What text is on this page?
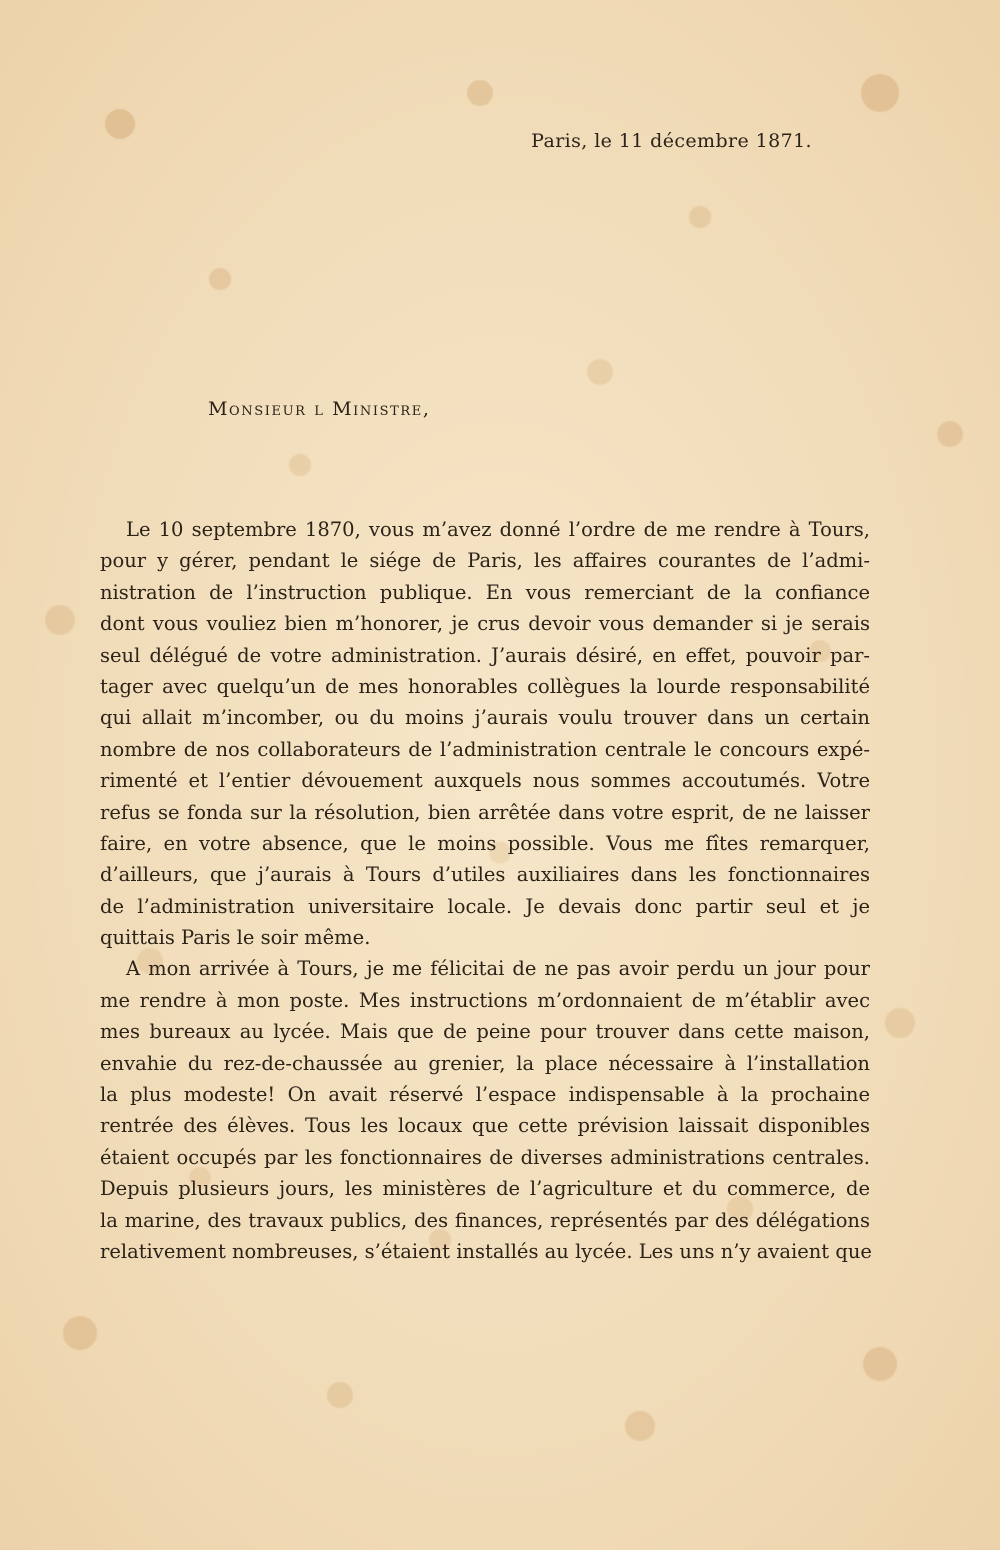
Paris, le 11 décembre 1871.
Monsieur l Ministre,
Le 10 septembre 1870, vous m’avez donné l’ordre de me rendre à Tours,
pour y gérer, pendant le siége de Paris, les affaires courantes de l’admi-
nistration de l’instruction publique. En vous remerciant de la confiance
dont vous vouliez bien m’honorer, je crus devoir vous demander si je serais
seul délégué de votre administration. J’aurais désiré, en effet, pouvoir par-
tager avec quelqu’un de mes honorables collègues la lourde responsabilité
qui allait m’incomber, ou du moins j’aurais voulu trouver dans un certain
nombre de nos collaborateurs de l’administration centrale le concours expé-
rimenté et l’entier dévouement auxquels nous sommes accoutumés. Votre
refus se fonda sur la résolution, bien arrêtée dans votre esprit, de ne laisser
faire, en votre absence, que le moins possible. Vous me fîtes remarquer,
d’ailleurs, que j’aurais à Tours d’utiles auxiliaires dans les fonctionnaires
de l’administration universitaire locale. Je devais donc partir seul et je
quittais Paris le soir même.
A mon arrivée à Tours, je me félicitai de ne pas avoir perdu un jour pour
me rendre à mon poste. Mes instructions m’ordonnaient de m’établir avec
mes bureaux au lycée. Mais que de peine pour trouver dans cette maison,
envahie du rez-de-chaussée au grenier, la place nécessaire à l’installation
la plus modeste! On avait réservé l’espace indispensable à la prochaine
rentrée des élèves. Tous les locaux que cette prévision laissait disponibles
étaient occupés par les fonctionnaires de diverses administrations centrales.
Depuis plusieurs jours, les ministères de l’agriculture et du commerce, de
la marine, des travaux publics, des finances, représentés par des délégations
relativement nombreuses, s’étaient installés au lycée. Les uns n’y avaient que
